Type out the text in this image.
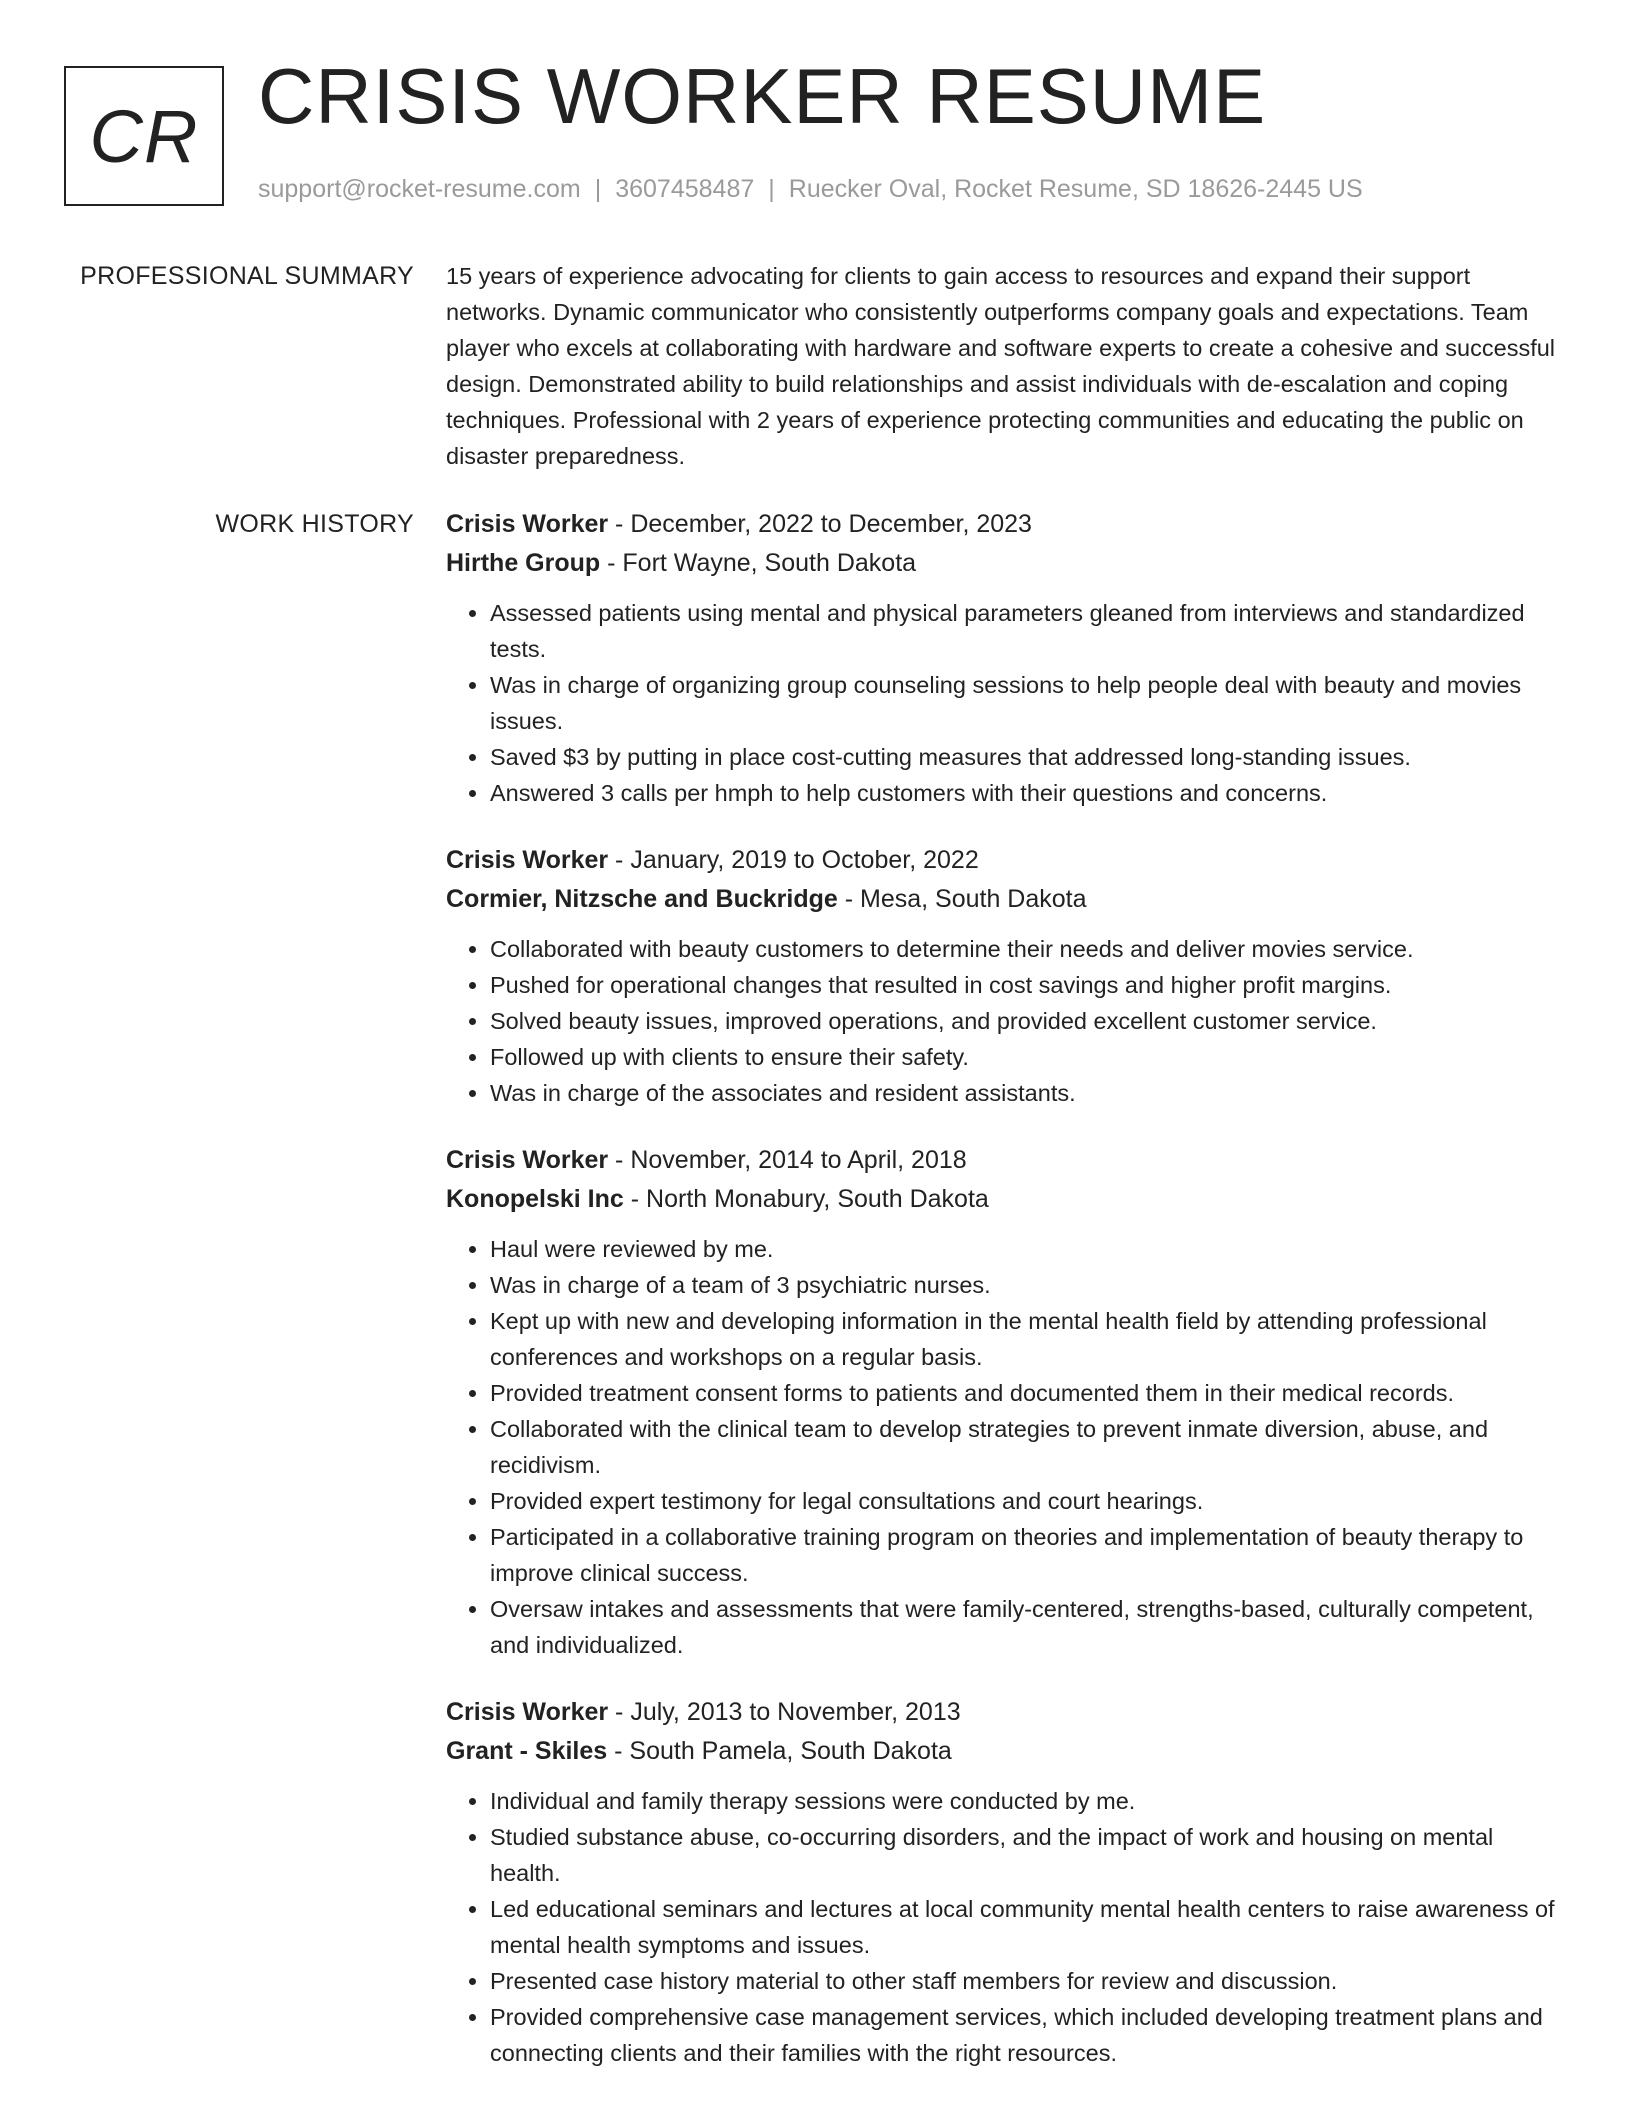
CR CRISIS WORKER RESUME
support@rocket-resume.com | 3607458487 | Ruecker Oval, Rocket Resume, SD 18626-2445 US
PROFESSIONAL SUMMARY 15 years of experience advocating for clients to gain access to resources and expand their support networks. Dynamic communicator who consistently outperforms company goals and expectations. Team player who excels at collaborating with hardware and software experts to create a cohesive and successful design. Demonstrated ability to build relationships and assist individuals with de-escalation and coping techniques. Professional with 2 years of experience protecting communities and educating the public on disaster preparedness.
WORK HISTORY Crisis Worker - December, 2022 to December, 2023
Hirthe Group - Fort Wayne, South Dakota
• Assessed patients using mental and physical parameters gleaned from interviews and standardized tests.
• Was in charge of organizing group counseling sessions to help people deal with beauty and movies issues.
• Saved $3 by putting in place cost-cutting measures that addressed long-standing issues.
• Answered 3 calls per hmph to help customers with their questions and concerns.
Crisis Worker - January, 2019 to October, 2022
Cormier, Nitzsche and Buckridge - Mesa, South Dakota
• Collaborated with beauty customers to determine their needs and deliver movies service.
• Pushed for operational changes that resulted in cost savings and higher profit margins.
• Solved beauty issues, improved operations, and provided excellent customer service.
• Followed up with clients to ensure their safety.
• Was in charge of the associates and resident assistants.
Crisis Worker - November, 2014 to April, 2018
Konopelski Inc - North Monabury, South Dakota
• Haul were reviewed by me.
• Was in charge of a team of 3 psychiatric nurses.
• Kept up with new and developing information in the mental health field by attending professional conferences and workshops on a regular basis.
• Provided treatment consent forms to patients and documented them in their medical records.
• Collaborated with the clinical team to develop strategies to prevent inmate diversion, abuse, and recidivism.
• Provided expert testimony for legal consultations and court hearings.
• Participated in a collaborative training program on theories and implementation of beauty therapy to improve clinical success.
• Oversaw intakes and assessments that were family-centered, strengths-based, culturally competent, and individualized.
Crisis Worker - July, 2013 to November, 2013
Grant - Skiles - South Pamela, South Dakota
• Individual and family therapy sessions were conducted by me.
• Studied substance abuse, co-occurring disorders, and the impact of work and housing on mental health.
• Led educational seminars and lectures at local community mental health centers to raise awareness of mental health symptoms and issues.
• Presented case history material to other staff members for review and discussion.
• Provided comprehensive case management services, which included developing treatment plans and connecting clients and their families with the right resources.
